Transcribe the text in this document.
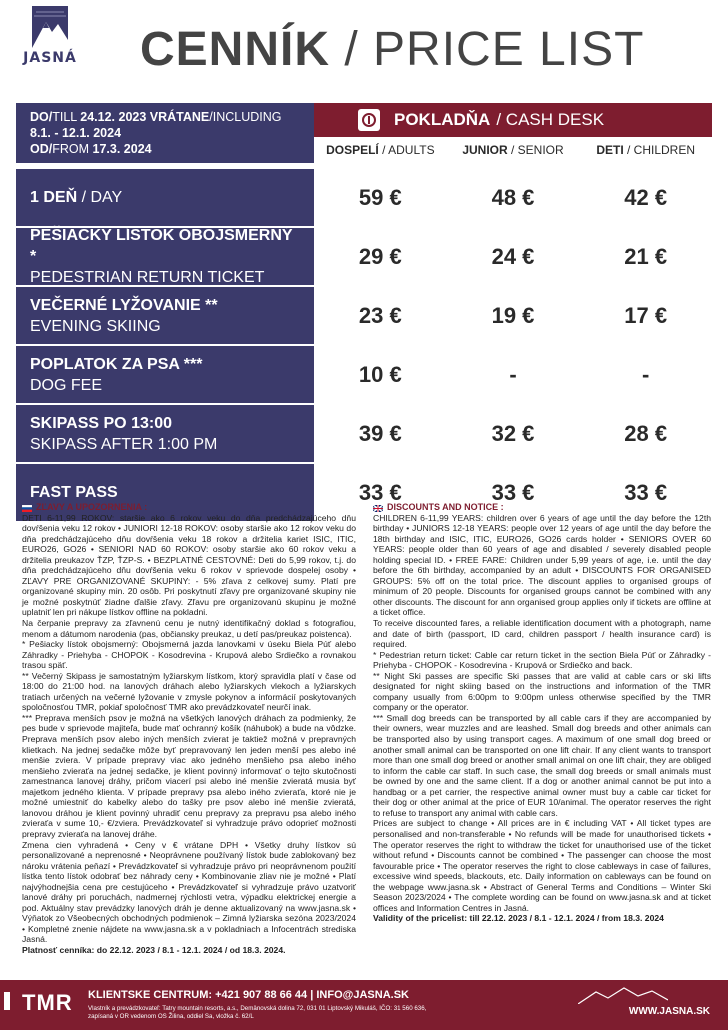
JASNÁ CENNÍK / PRICE LIST
DO/TILL 24.12. 2023 VRÁTANE/INCLUDING
8.1. - 12.1. 2024
OD/FROM 17.3. 2024
POKLADŇA / CASH DESK
DOSPELÍ / ADULTS	JUNIOR / SENIOR	DETI / CHILDREN
1 DEŇ / DAY	59 €	48 €	42 €
PEŠIACKY LÍSTOK OBOJSMERNÝ *
PEDESTRIAN RETURN TICKET
29 €	24 €	21 €
VEČERNÉ LYŽOVANIE **
EVENING SKIING	23 €	19 €	17 €
POPLATOK ZA PSA ***
DOG FEE	10 €	-	-
SKIPASS PO 13:00
SKIPASS AFTER 1:00 PM	39 €	32 €	28 €
FAST PASS	33 €	33 €	33 €
ZĽAVY A UPOZORNENIA :
DETI 6-11,99 ROKOV: staršie ako 6 rokov veku do dňa predchádzajúceho dňu dovŕšenia veku 12 rokov • JUNIORI 12-18 ROKOV: osoby staršie ako 12 rokov veku do dňa predchádzajúceho dňu dovŕšenia veku 18 rokov a držitelia kariet ISIC, ITIC, EURO26, GO26 • SENIORI NAD 60 ROKOV: osoby staršie ako 60 rokov veku a držitelia preukazov ŤZP, ŤZP-S. • BEZPLATNÉ CESTOVNÉ: Deti do 5,99 rokov, t.j. do dňa predchádzajúceho dňu dovŕšenia veku 6 rokov v sprievode dospelej osoby • ZĽAVY PRE ORGANIZOVANÉ SKUPINY: - 5% zľava z celkovej sumy. Platí pre organizované skupiny min. 20 osôb. Pri poskytnutí zľavy pre organizované skupiny nie je možné poskytnúť žiadne ďalšie zľavy. Zľavu pre organizovanú skupinu je možné uplatniť len pri nákupe lístkov offline na pokladni.
Na čerpanie prepravy za zľavnenú cenu je nutný identifikačný doklad s fotografiou, menom a dátumom narodenia (pas, občiansky preukaz, u detí pas/preukaz poistenca).
* Pešiacky lístok obojsmerný: Obojsmerná jazda lanovkami v úseku Biela Púť alebo Záhradky - Priehyba - CHOPOK - Kosodrevina - Krupová alebo Srdiečko a rovnakou trasou späť.
** Večerný Skipass je samostatným lyžiarskym lístkom, ktorý spravidla platí v čase od 18:00 do 21:00 hod. na lanových dráhach alebo lyžiarskych vlekoch a lyžiarskych tratiach určených na večerné lyžovanie v zmysle pokynov a informácií poskytovaných spoločnosťou TMR, pokiaľ spoločnosť TMR ako prevádzkovateľ neurčí inak.
*** Preprava menších psov je možná na všetkých lanových dráhach za podmienky, že pes bude v sprievode majiteľa, bude mať ochranný košík (náhubok) a bude na vôdzke. Preprava menších psov alebo iných menších zvierat je taktiež možná v prepravných klietkach. Na jednej sedačke môže byť prepravovaný len jeden menší pes alebo iné menšie zviera. V prípade prepravy viac ako jedného menšieho psa alebo iného menšieho zvieraťa na jednej sedačke, je klient povinný informovať o tejto skutočnosti zamestnanca lanovej dráhy, pričom viacerí psi alebo iné menšie zvieratá musia byť majetkom jedného klienta. V prípade prepravy psa alebo iného zvieraťa, ktoré nie je možné umiestniť do kabelky alebo do tašky pre psov alebo iné menšie zvieratá, lanovou dráhou je klient povinný uhradiť cenu prepravy za prepravu psa alebo iného zvieraťa v sume 10,- €/zviera. Prevádzkovateľ si vyhradzuje právo odoprieť možnosti prepravy zvieraťa na lanovej dráhe.
Zmena cien vyhradená • Ceny v € vrátane DPH • Všetky druhy lístkov sú personalizované a neprenosné • Neoprávnene používaný lístok bude zablokovaný bez nároku vrátenia peňazí • Prevádzkovateľ si vyhradzuje právo pri neoprávnenom použití lístka tento lístok odobrať bez náhrady ceny • Kombinovanie zliav nie je možné • Platí najvýhodnejšia cena pre cestujúceho • Prevádzkovateľ si vyhradzuje právo uzatvoriť lanové dráhy pri poruchách, nadmernej rýchlosti vetra, výpadku elektrickej energie a pod. Aktuálny stav prevádzky lanových dráh je denne aktualizovaný na www.jasna.sk • Výňatok zo Všeobecných obchodných podmienok – Zimná lyžiarska sezóna 2023/2024 • Kompletné znenie nájdete na www.jasna.sk a v pokladniach a Infocentrách strediska Jasná.
Platnosť cenníka: do 22.12. 2023 / 8.1 - 12.1. 2024 / od 18.3. 2024.
DISCOUNTS AND NOTICE :
CHILDREN 6-11,99 YEARS: children over 6 years of age until the day before the 12th birthday • JUNIORS 12-18 YEARS: people over 12 years of age until the day before the 18th birthday and ISIC, ITIC, EURO26, GO26 cards holder • SENIORS OVER 60 YEARS: people older than 60 years of age and disabled / severely disabled people holding special ID. • FREE FARE: Children under 5,99 years of age, i.e. until the day before the 6th birthday, accompanied by an adult • DISCOUNTS FOR ORGANISED GROUPS: 5% off on the total price. The discount applies to organised groups of minimum of 20 people. Discounts for organised groups cannot be combined with any other discounts. The discount for ann organised group applies only if tickets are offline at a ticket office.
To receive discounted fares, a reliable identification document with a photograph, name and date of birth (passport, ID card, children passport / health insurance card) is required.
* Pedestrian return ticket: Cable car return ticket in the section Biela Púť or Záhradky - Priehyba - CHOPOK - Kosodrevina - Krupová or Srdiečko and back.
** Night Ski passes are specific Ski passes that are valid at cable cars or ski lifts designated for night skiing based on the instructions and information of the TMR company usually from 6:00pm to 9:00pm unless otherwise specified by the TMR company or the operator.
*** Small dog breeds can be transported by all cable cars if they are accompanied by their owners, wear muzzles and are leashed. Small dog breeds and other animals can be transported also by using transport cages. A maximum of one small dog breed or another small animal can be transported on one lift chair. If any client wants to transport more than one small dog breed or another small animal on one lift chair, they are obliged to inform the cable car staff. In such case, the small dog breeds or small animals must be owned by one and the same client. If a dog or another animal cannot be put into a handbag or a pet carrier, the respective animal owner must buy a cable car ticket for their dog or other animal at the price of EUR 10/animal. The operator reserves the right to refuse to transport any animal with cable cars.
Prices are subject to change • All prices are in € including VAT • All ticket types are personalised and non-transferable • No refunds will be made for unauthorised tickets • The operator reserves the right to withdraw the ticket for unauthorised use of the ticket without refund • Discounts cannot be combined • The passenger can choose the most favourable price • The operator reserves the right to close cableways in case of failures, excessive wind speeds, blackouts, etc. Daily information on cableways can be found on the webpage www.jasna.sk • Abstract of General Terms and Conditions – Winter Ski Season 2023/2024 • The complete wording can be found on www.jasna.sk and at ticket offices and Information Centres in Jasná.
Validity of the pricelist: till 22.12. 2023 / 8.1 - 12.1. 2024 / from 18.3. 2024
TMR KLIENTSKE CENTRUM: +421 907 88 66 44 | INFO@JASNA.SK
Vlastník a prevádzkovateľ: Tatry mountain resorts, a.s., Demänovská dolina 72, 031 01 Liptovský Mikuláš, IČO: 31 560 636, zapísaná v OR vedenom OS Žilina, oddiel Sa, vložka č. 62/L	WWW.JASNA.SK
